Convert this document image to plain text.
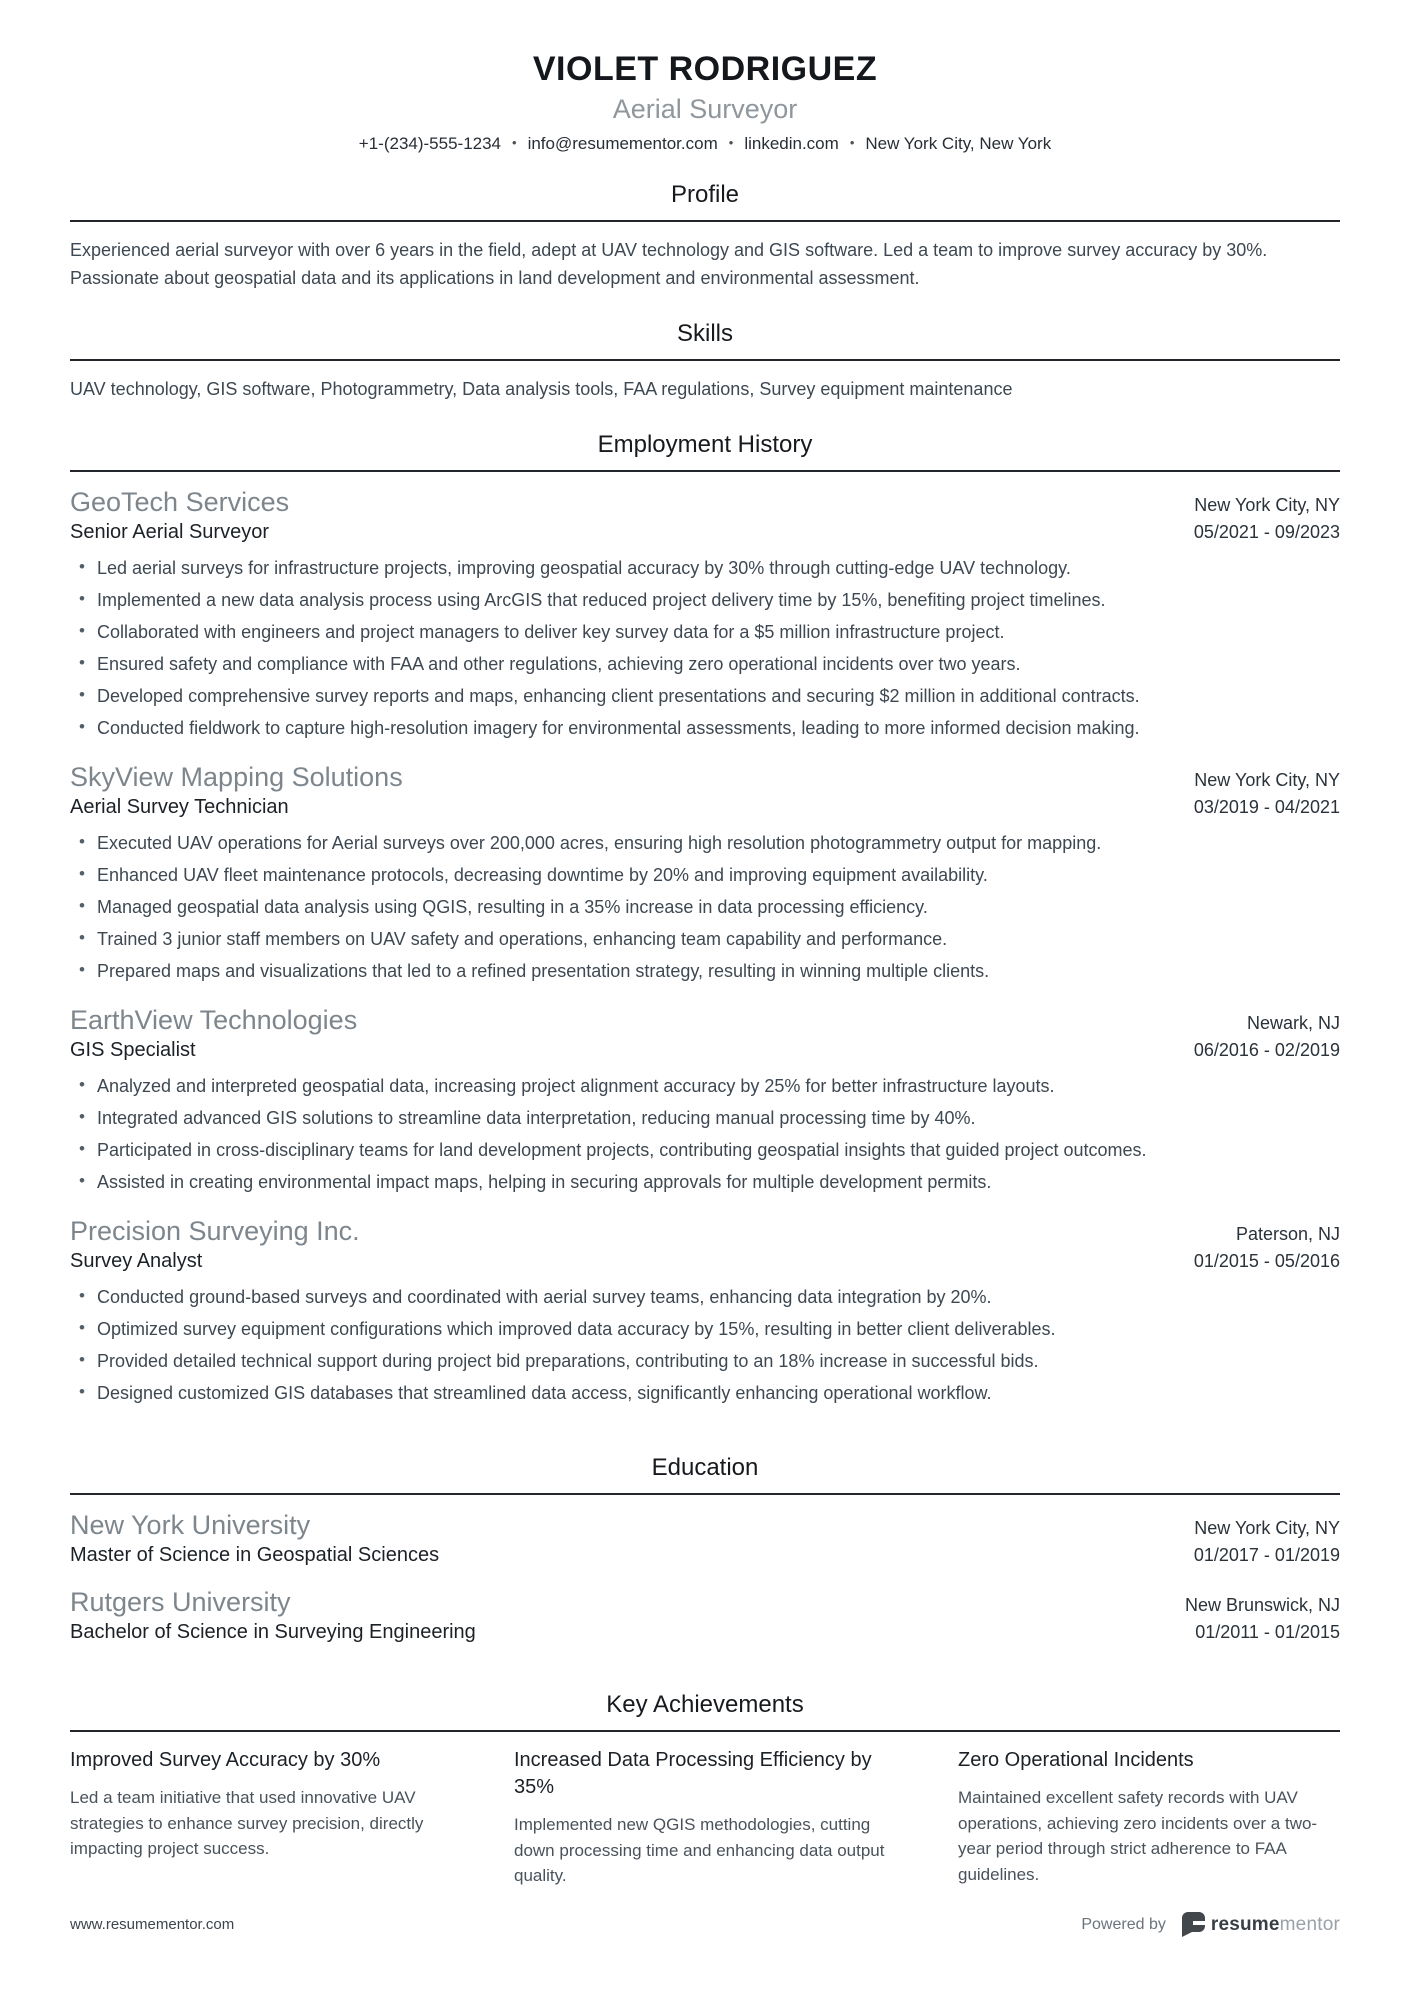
VIOLET RODRIGUEZ
Aerial Surveyor
+1-(234)-555-1234 • info@resumementor.com • linkedin.com • New York City, New York
Profile

Experienced aerial surveyor with over 6 years in the field, adept at UAV technology and GIS software. Led a team to improve survey accuracy by 30%. Passionate about geospatial data and its applications in land development and environmental assessment.

Skills

UAV technology, GIS software, Photogrammetry, Data analysis tools, FAA regulations, Survey equipment maintenance

Employment History
GeoTech Services	New York City, NY
Senior Aerial Surveyor	05/2021 - 09/2023
• Led aerial surveys for infrastructure projects, improving geospatial accuracy by 30% through cutting-edge UAV technology.
• Implemented a new data analysis process using ArcGIS that reduced project delivery time by 15%, benefiting project timelines.
• Collaborated with engineers and project managers to deliver key survey data for a $5 million infrastructure project.
• Ensured safety and compliance with FAA and other regulations, achieving zero operational incidents over two years.
• Developed comprehensive survey reports and maps, enhancing client presentations and securing $2 million in additional contracts.
• Conducted fieldwork to capture high-resolution imagery for environmental assessments, leading to more informed decision making.
SkyView Mapping Solutions	New York City, NY
Aerial Survey Technician	03/2019 - 04/2021
• Executed UAV operations for Aerial surveys over 200,000 acres, ensuring high resolution photogrammetry output for mapping.
• Enhanced UAV fleet maintenance protocols, decreasing downtime by 20% and improving equipment availability.
• Managed geospatial data analysis using QGIS, resulting in a 35% increase in data processing efficiency.
• Trained 3 junior staff members on UAV safety and operations, enhancing team capability and performance.
• Prepared maps and visualizations that led to a refined presentation strategy, resulting in winning multiple clients.
EarthView Technologies	Newark, NJ
GIS Specialist	06/2016 - 02/2019
• Analyzed and interpreted geospatial data, increasing project alignment accuracy by 25% for better infrastructure layouts.
• Integrated advanced GIS solutions to streamline data interpretation, reducing manual processing time by 40%.
• Participated in cross-disciplinary teams for land development projects, contributing geospatial insights that guided project outcomes.
• Assisted in creating environmental impact maps, helping in securing approvals for multiple development permits.
Precision Surveying Inc.	Paterson, NJ
Survey Analyst	01/2015 - 05/2016
• Conducted ground-based surveys and coordinated with aerial survey teams, enhancing data integration by 20%.
• Optimized survey equipment configurations which improved data accuracy by 15%, resulting in better client deliverables.
• Provided detailed technical support during project bid preparations, contributing to an 18% increase in successful bids.
• Designed customized GIS databases that streamlined data access, significantly enhancing operational workflow.
Education
New York University	New York City, NY
Master of Science in Geospatial Sciences	01/2017 - 01/2019
Rutgers University	New Brunswick, NJ
Bachelor of Science in Surveying Engineering	01/2011 - 01/2015
Key Achievements
Improved Survey Accuracy by 30%

Led a team initiative that used innovative UAV strategies to enhance survey precision, directly impacting project success.

Increased Data Processing Efficiency by 35%

Implemented new QGIS methodologies, cutting down processing time and enhancing data output quality.

Zero Operational Incidents

Maintained excellent safety records with UAV operations, achieving zero incidents over a two-year period through strict adherence to FAA guidelines.

www.resumementor.com	Powered by resumementor
